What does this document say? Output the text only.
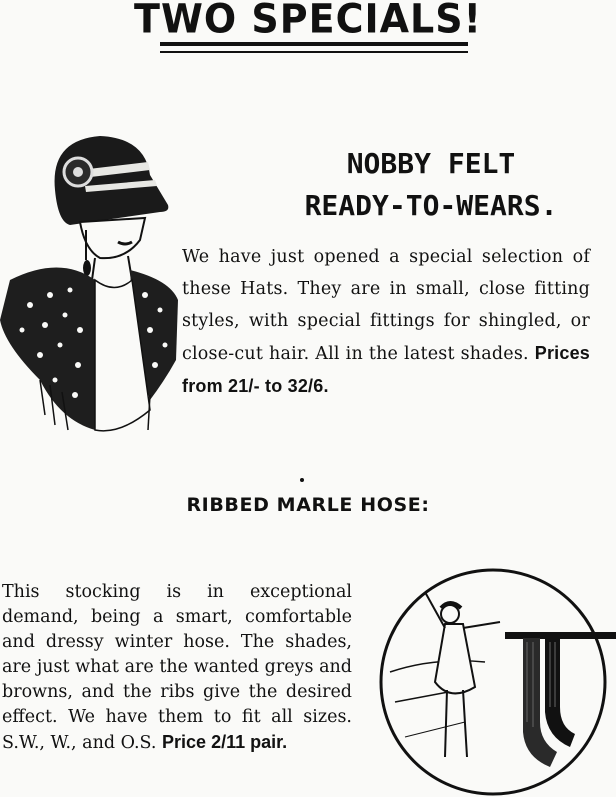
TWO SPECIALS!
NOBBY FELT
READY-TO-WEARS.
We have just opened a special selection of these Hats. They are in small, close fitting styles, with special fittings for shingled, or close-cut hair. All in the latest shades. Prices from 21/- to 32/6.
RIBBED MARLE HOSE:
This stocking is in exceptional demand, being a smart, comfortable and dressy winter hose. The shades, are just what are the wanted greys and browns, and the ribs give the desired effect. We have them to fit all sizes. S.W., W., and O.S. Price 2/11 pair.
